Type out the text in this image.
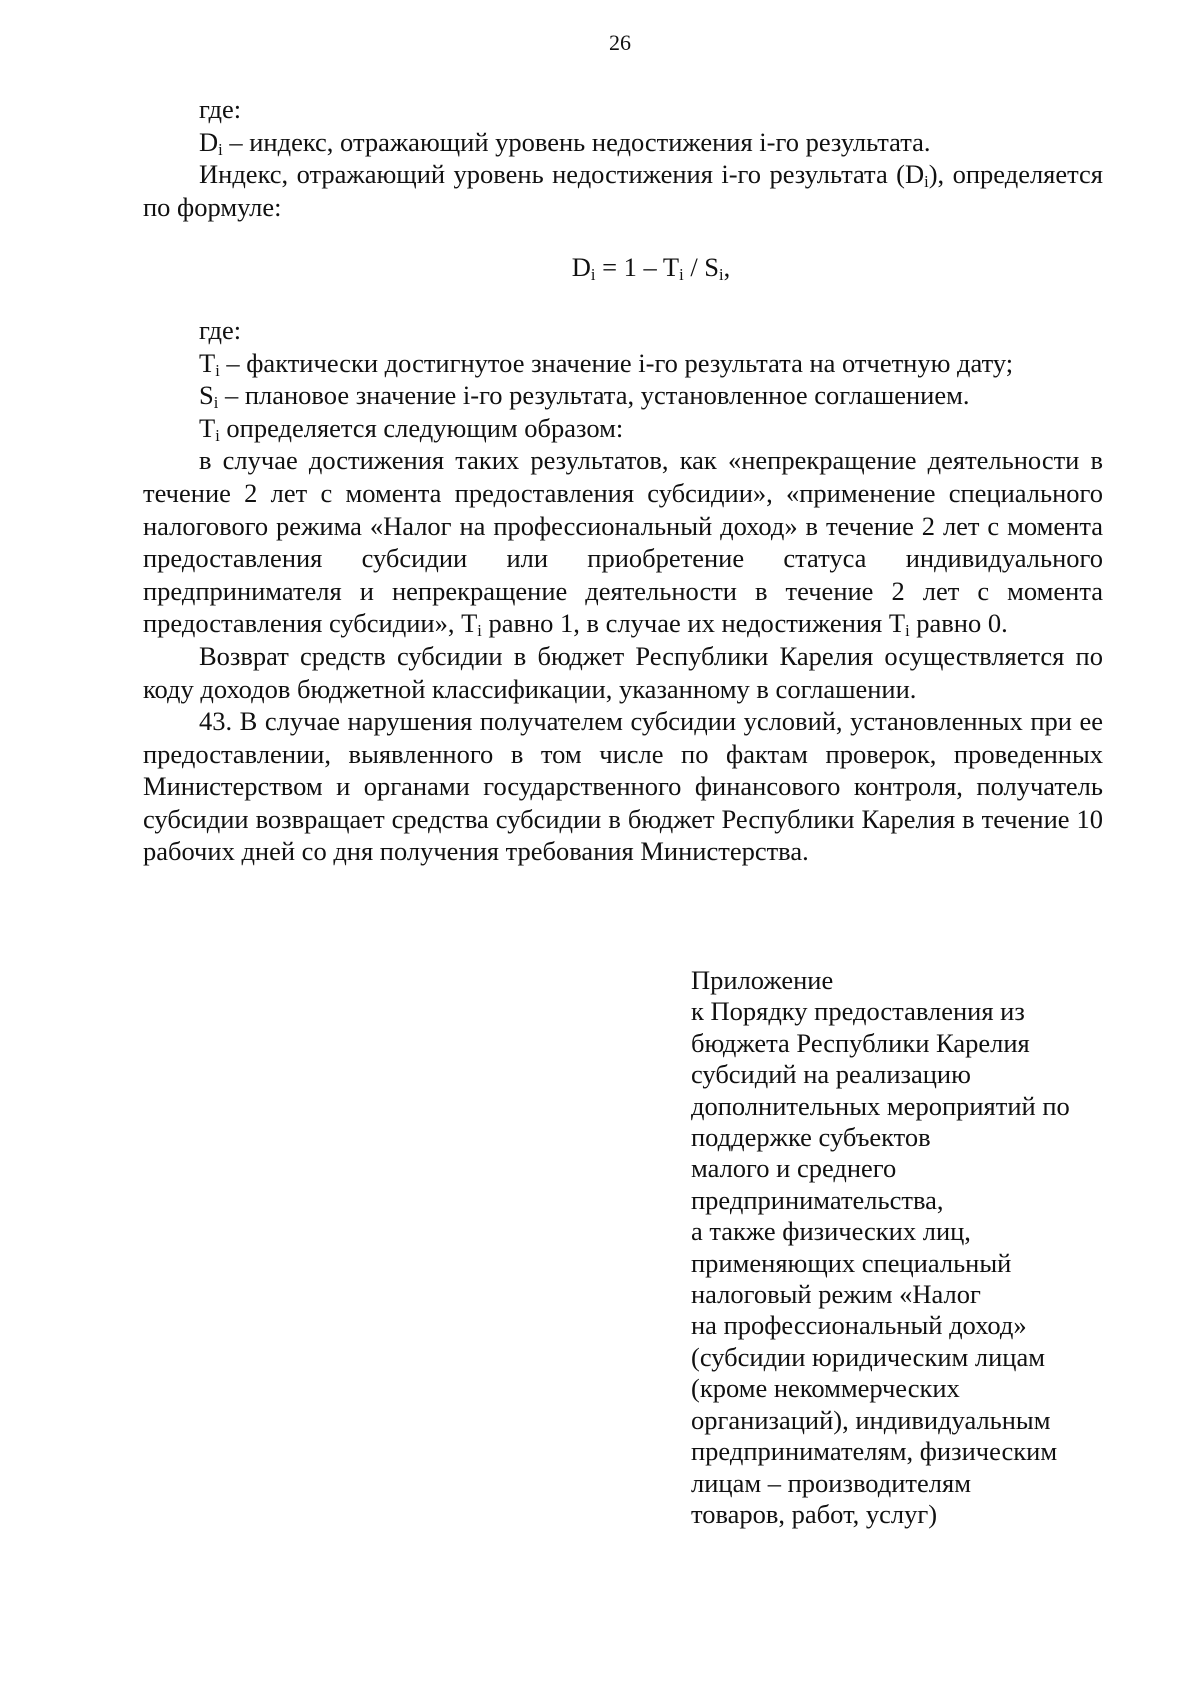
26

где:

$D_i$ – индекс, отражающий уровень недостижения i-го результата.

Индекс, отражающий уровень недостижения i-го результата $(D_i)$, определяется по формуле:

$D_i = 1 - T_i / S_i$,

где:

$T_i$ – фактически достигнутое значение i-го результата на отчетную дату;

$S_i$ – плановое значение i-го результата, установленное соглашением.

$T_i$ определяется следующим образом:

в случае достижения таких результатов, как «непрекращение деятельности в течение 2 лет с момента предоставления субсидии», «применение специального налогового режима «Налог на профессиональный доход» в течение 2 лет с момента предоставления субсидии или приобретение статуса индивидуального предпринимателя и непрекращение деятельности в течение 2 лет с момента предоставления субсидии», $T_i$ равно 1, в случае их недостижения $T_i$ равно 0.

Возврат средств субсидии в бюджет Республики Карелия осуществляется по коду доходов бюджетной классификации, указанному в соглашении.

43. В случае нарушения получателем субсидии условий, установленных при ее предоставлении, выявленного в том числе по фактам проверок, проведенных Министерством и органами государственного финансового контроля, получатель субсидии возвращает средства субсидии в бюджет Республики Карелия в течение 10 рабочих дней со дня получения требования Министерства.

Приложение
к Порядку предоставления из
бюджета Республики Карелия
субсидий на реализацию
дополнительных мероприятий по
поддержке субъектов
малого и среднего
предпринимательства,
а также физических лиц,
применяющих специальный
налоговый режим «Налог
на профессиональный доход»
(субсидии юридическим лицам
(кроме некоммерческих
организаций), индивидуальным
предпринимателям, физическим
лицам – производителям
товаров, работ, услуг)
